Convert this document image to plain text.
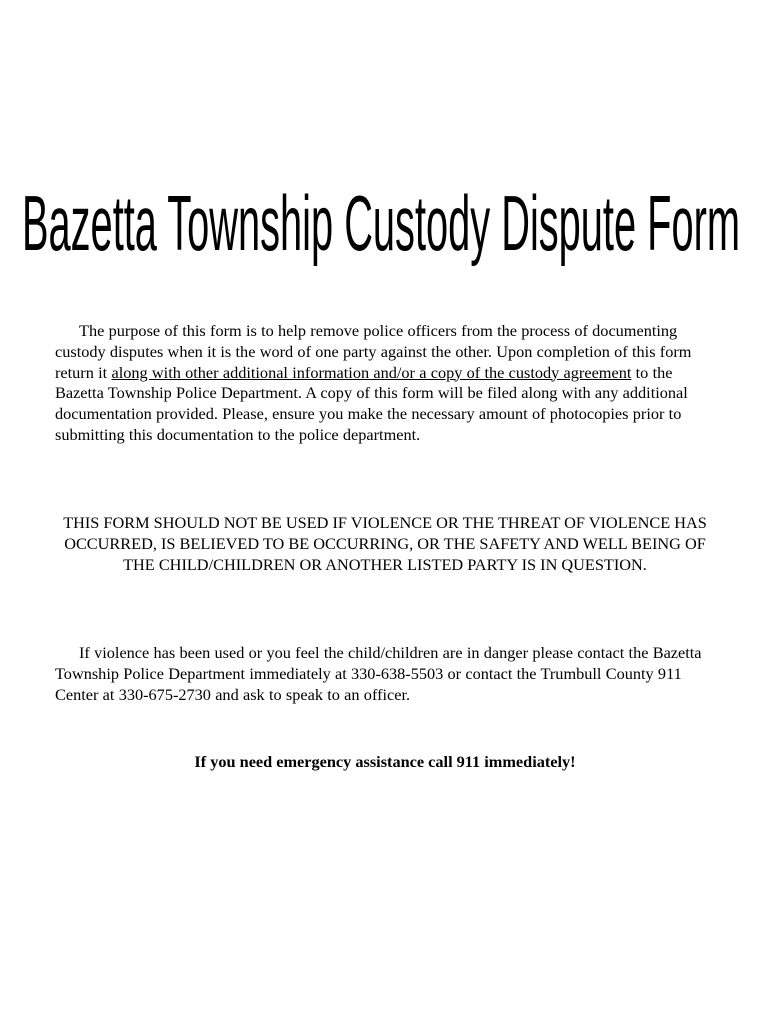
Bazetta Township Custody Dispute Form

The purpose of this form is to help remove police officers from the process of documenting custody disputes when it is the word of one party against the other. Upon completion of this form return it along with other additional information and/or a copy of the custody agreement to the Bazetta Township Police Department. A copy of this form will be filed along with any additional documentation provided. Please, ensure you make the necessary amount of photocopies prior to submitting this documentation to the police department.

THIS FORM SHOULD NOT BE USED IF VIOLENCE OR THE THREAT OF VIOLENCE HAS OCCURRED, IS BELIEVED TO BE OCCURRING, OR THE SAFETY AND WELL BEING OF THE CHILD/CHILDREN OR ANOTHER LISTED PARTY IS IN QUESTION.

If violence has been used or you feel the child/children are in danger please contact the Bazetta Township Police Department immediately at 330-638-5503 or contact the Trumbull County 911 Center at 330-675-2730 and ask to speak to an officer.

If you need emergency assistance call 911 immediately!
